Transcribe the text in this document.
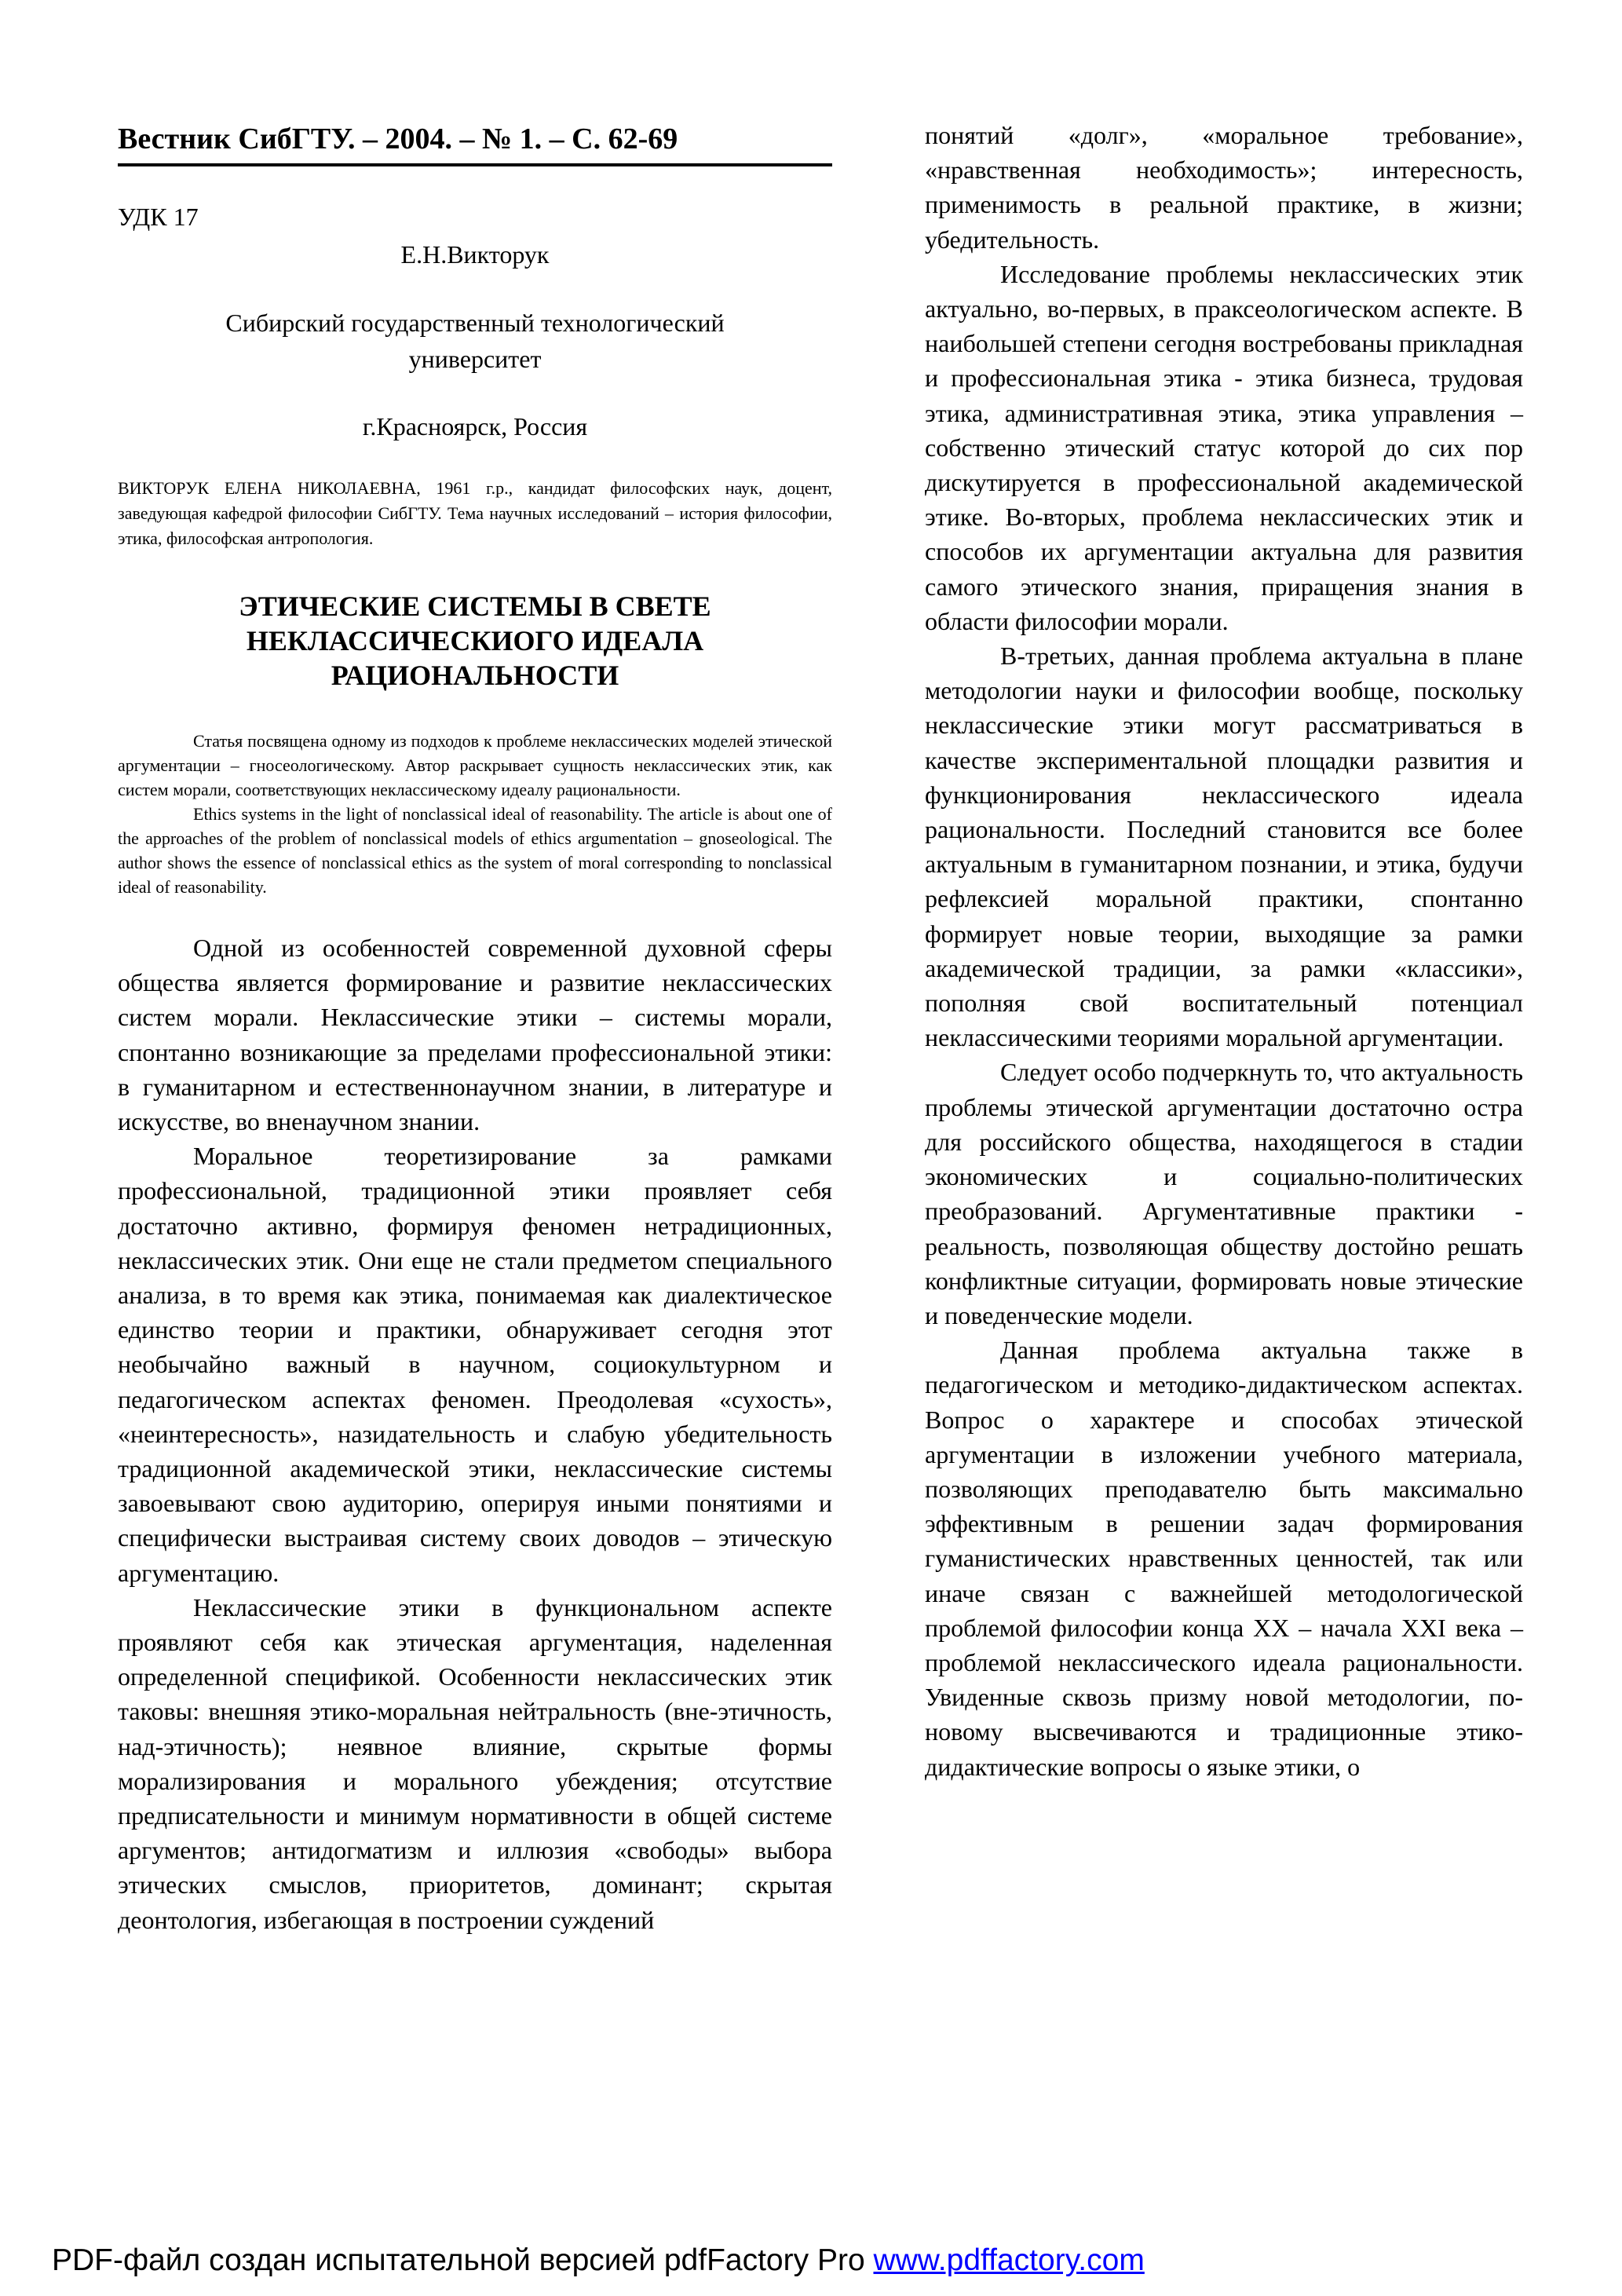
Вестник СибГТУ. – 2004. – № 1. – С. 62-69
УДК 17
Е.Н.Викторук
Сибирский государственный технологический
университет
г.Красноярск, Россия
ВИКТОРУК ЕЛЕНА НИКОЛАЕВНА, 1961 г.р., кандидат философских наук, доцент, заведующая кафедрой философии СибГТУ. Тема научных исследований – история философии, этика, философская антропология.
ЭТИЧЕСКИЕ СИСТЕМЫ В СВЕТЕ
НЕКЛАССИЧЕСКИОГО ИДЕАЛА
РАЦИОНАЛЬНОСТИ

Статья посвящена одному из подходов к проблеме неклассических моделей этической аргументации – гносеологическому. Автор раскрывает сущность неклассических этик, как систем морали, соответствующих неклассическому идеалу рациональности.

Ethics systems in the light of nonclassical ideal of reasonability. The article is about one of the approaches of the problem of nonclassical models of ethics argumentation – gnoseological. The author shows the essence of nonclassical ethics as the system of moral corresponding to nonclassical ideal of reasonability.

Одной из особенностей современной духовной сферы общества является формирование и развитие неклассических систем морали. Неклассические этики – системы морали, спонтанно возникающие за пределами профессиональной этики: в гуманитарном и естественнонаучном знании, в литературе и искусстве, во вненаучном знании.

Моральное теоретизирование за рамками профессиональной, традиционной этики проявляет себя достаточно активно, формируя феномен нетрадиционных, неклассических этик. Они еще не стали предметом специального анализа, в то время как этика, понимаемая как диалектическое единство теории и практики, обнаруживает сегодня этот необычайно важный в научном, социокультурном и педагогическом аспектах феномен. Преодолевая «сухость», «неинтересность», назидательность и слабую убедительность традиционной академической этики, неклассические системы завоевывают свою аудиторию, оперируя иными понятиями и специфически выстраивая систему своих доводов – этическую аргументацию.

Неклассические этики в функциональном аспекте проявляют себя как этическая аргументация, наделенная определенной спецификой. Особенности неклассических этик таковы: внешняя этико-моральная нейтральность (вне-этичность, над-этичность); неявное влияние, скрытые формы морализирования и морального убеждения; отсутствие предписательности и минимум нормативности в общей системе аргументов; антидогматизм и иллюзия «свободы» выбора этических смыслов, приоритетов, доминант; скрытая деонтология, избегающая в построении суждений

понятий «долг», «моральное требование», «нравственная необходимость»; интересность, применимость в реальной практике, в жизни; убедительность.

Исследование проблемы неклассических этик актуально, во-первых, в праксеологическом аспекте. В наибольшей степени сегодня востребованы прикладная и профессиональная этика - этика бизнеса, трудовая этика, административная этика, этика управления – собственно этический статус которой до сих пор дискутируется в профессиональной академической этике. Во-вторых, проблема неклассических этик и способов их аргументации актуальна для развития самого этического знания, приращения знания в области философии морали.

В-третьих, данная проблема актуальна в плане методологии науки и философии вообще, поскольку неклассические этики могут рассматриваться в качестве экспериментальной площадки развития и функционирования неклассического идеала рациональности. Последний становится все более актуальным в гуманитарном познании, и этика, будучи рефлексией моральной практики, спонтанно формирует новые теории, выходящие за рамки академической традиции, за рамки «классики», пополняя свой воспитательный потенциал неклассическими теориями моральной аргументации.

Следует особо подчеркнуть то, что актуальность проблемы этической аргументации достаточно остра для российского общества, находящегося в стадии экономических и социально-политических преобразований. Аргументативные практики - реальность, позволяющая обществу достойно решать конфликтные ситуации, формировать новые этические и поведенческие модели.

Данная проблема актуальна также в педагогическом и методико-дидактическом аспектах. Вопрос о характере и способах этической аргументации в изложении учебного материала, позволяющих преподавателю быть максимально эффективным в решении задач формирования гуманистических нравственных ценностей, так или иначе связан с важнейшей методологической проблемой философии конца XX – начала XXI века – проблемой неклассического идеала рациональности. Увиденные сквозь призму новой методологии, по-новому высвечиваются и традиционные этико-дидактические вопросы о языке этики, о

PDF-файл создан испытательной версией pdfFactory Pro www.pdffactory.com
